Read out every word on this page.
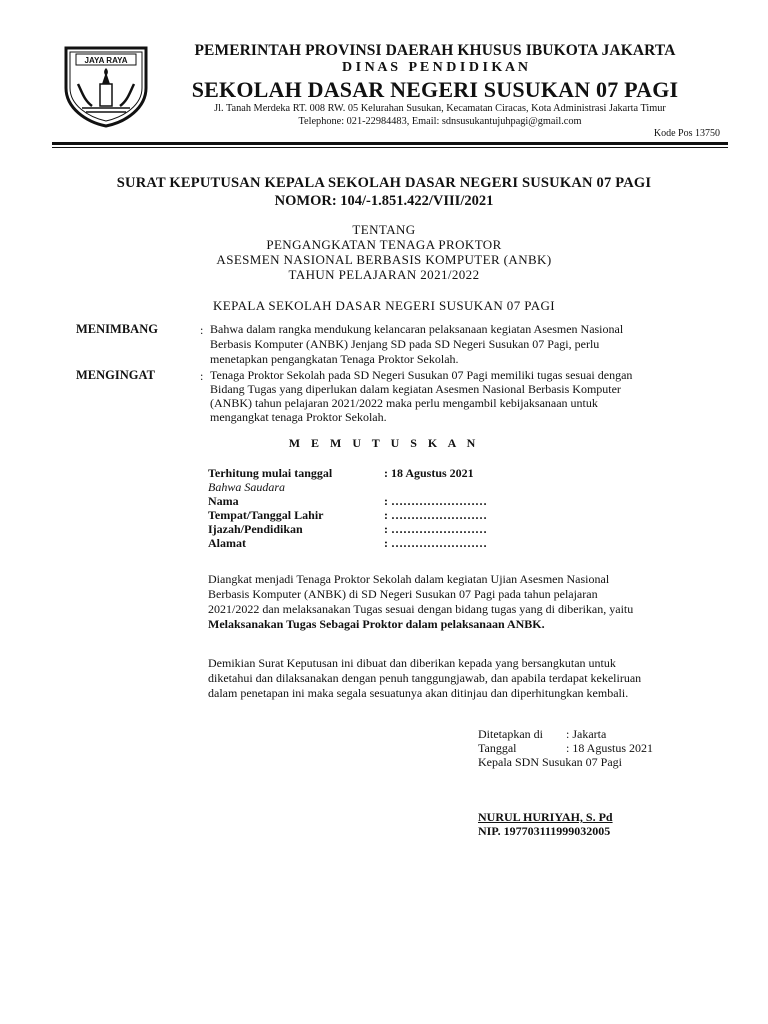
JAYA RAYA
PEMERINTAH PROVINSI DAERAH KHUSUS IBUKOTA JAKARTA
D I N A S   P E N D I D I K A N
SEKOLAH DASAR NEGERI SUSUKAN 07 PAGI
Jl. Tanah Merdeka RT. 008 RW. 05 Kelurahan Susukan, Kecamatan Ciracas, Kota Administrasi Jakarta Timur
Telephone: 021-22984483, Email: sdnsusukantujuhpagi@gmail.com
Kode Pos 13750
SURAT KEPUTUSAN KEPALA SEKOLAH DASAR NEGERI SUSUKAN 07 PAGI
NOMOR: 104/-1.851.422/VIII/2021
TENTANG
PENGANGKATAN TENAGA PROKTOR
ASESMEN NASIONAL BERBASIS KOMPUTER (ANBK)
TAHUN PELAJARAN 2021/2022
KEPALA SEKOLAH DASAR NEGERI SUSUKAN 07 PAGI
MENIMBANG	: Bahwa dalam rangka mendukung kelancaran pelaksanaan kegiatan Asesmen Nasional
Berbasis Komputer (ANBK) Jenjang SD pada SD Negeri Susukan 07 Pagi, perlu
menetapkan pengangkatan Tenaga Proktor Sekolah.
MENGINGAT	: Tenaga Proktor Sekolah pada SD Negeri Susukan 07 Pagi memiliki tugas sesuai dengan
Bidang Tugas yang diperlukan dalam kegiatan Asesmen Nasional Berbasis Komputer
(ANBK) tahun pelajaran 2021/2022 maka perlu mengambil kebijaksanaan untuk
mengangkat tenaga Proktor Sekolah.
M E M U T U S K A N
Terhitung mulai tanggal	: 18 Agustus 2021
Bahwa Saudara
Nama	: ……………………
Tempat/Tanggal Lahir	: ……………………
Ijazah/Pendidikan	: ……………………
Alamat	: ……………………
Diangkat menjadi Tenaga Proktor Sekolah dalam kegiatan Ujian Asesmen Nasional
Berbasis Komputer (ANBK) di SD Negeri Susukan 07 Pagi pada tahun pelajaran
2021/2022 dan melaksanakan Tugas sesuai dengan bidang tugas yang di diberikan, yaitu
Melaksanakan Tugas Sebagai Proktor dalam pelaksanaan ANBK.
Demikian Surat Keputusan ini dibuat dan diberikan kepada yang bersangkutan untuk
diketahui dan dilaksanakan dengan penuh tanggungjawab, dan apabila terdapat kekeliruan
dalam penetapan ini maka segala sesuatunya akan ditinjau dan diperhitungkan kembali.
Ditetapkan di : Jakarta
Tanggal	: 18 Agustus 2021
Kepala SDN Susukan 07 Pagi
NURUL HURIYAH, S. Pd
NIP. 197703111999032005
